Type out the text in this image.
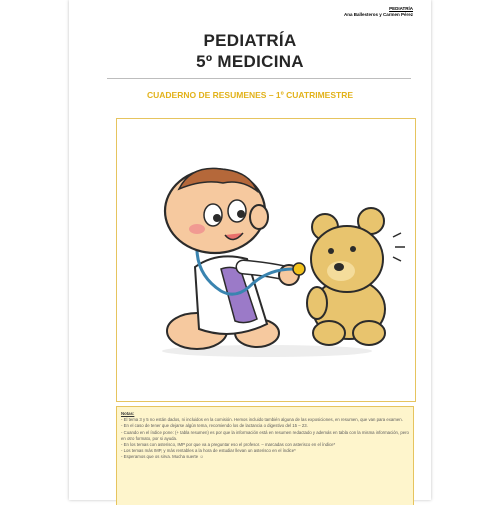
PEDIATRÍA
Ana Ballesteros y Carmen Pérez
PEDIATRÍA
5º MEDICINA
CUADERNO DE RESUMENES – 1º CUATRIMESTRE
Notas:

- El tema 3 y 5 no están dados, ni incluidos en la comisión. Hemos incluido también alguna de las exposiciones, en resumen, que van para examen.

- En el caso de tener que dejarse algún tema, recomiendo los de lactancia o digestivo del 15 – 23.

- Cuando en el índice pone: (+ tabla resumen) es por que la información está en resumen redactado y además en tabla con la misma información, pero en otro formato, por si ayuda.

- En los temas con asterisco, IMP por que va a preguntar eso el profesor. – marcadas con asterisco en el índice*

- Los temas más IMP, y más rentables a la hora de estudiar llevan un asterisco en el índice*

- Esperamos que os sirva. Mucha suerte ☺
